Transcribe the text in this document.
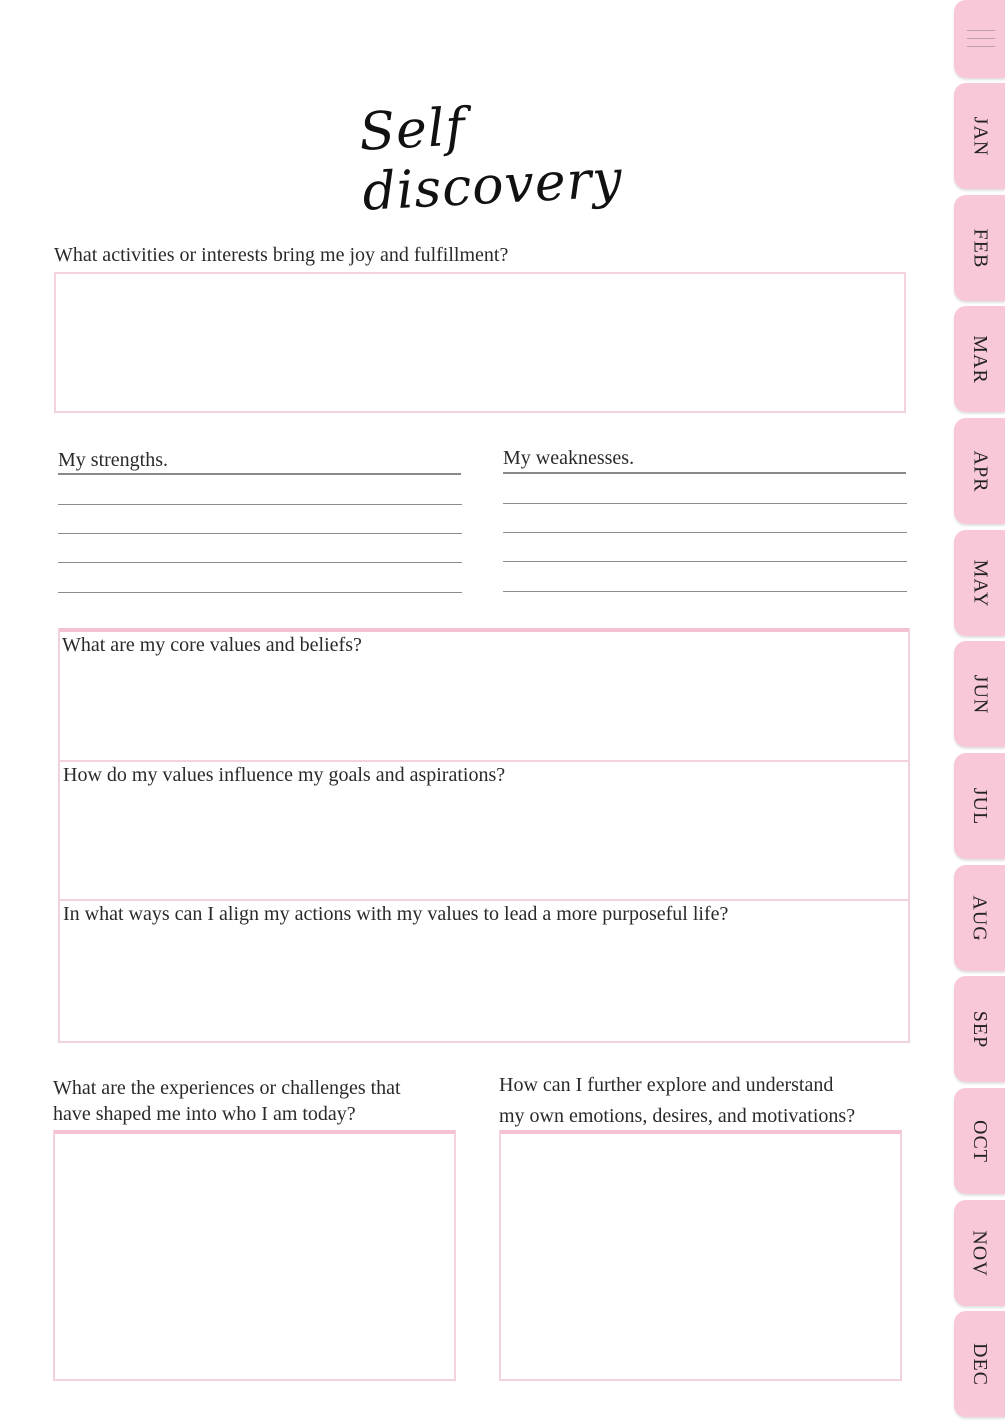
Self discovery
What activities or interests bring me joy and fulfillment?
My strengths.	My weaknesses.
What are my core values and beliefs?
How do my values influence my goals and aspirations?
In what ways can I align my actions with my values to lead a more purposeful life?
What are the experiences or challenges that
have shaped me into who I am today?
How can I further explore and understand
my own emotions, desires, and motivations?
JAN
FEB
MAR
APR
MAY
JUN
JUL
AUG
SEP
OCT
NOV
DEC
